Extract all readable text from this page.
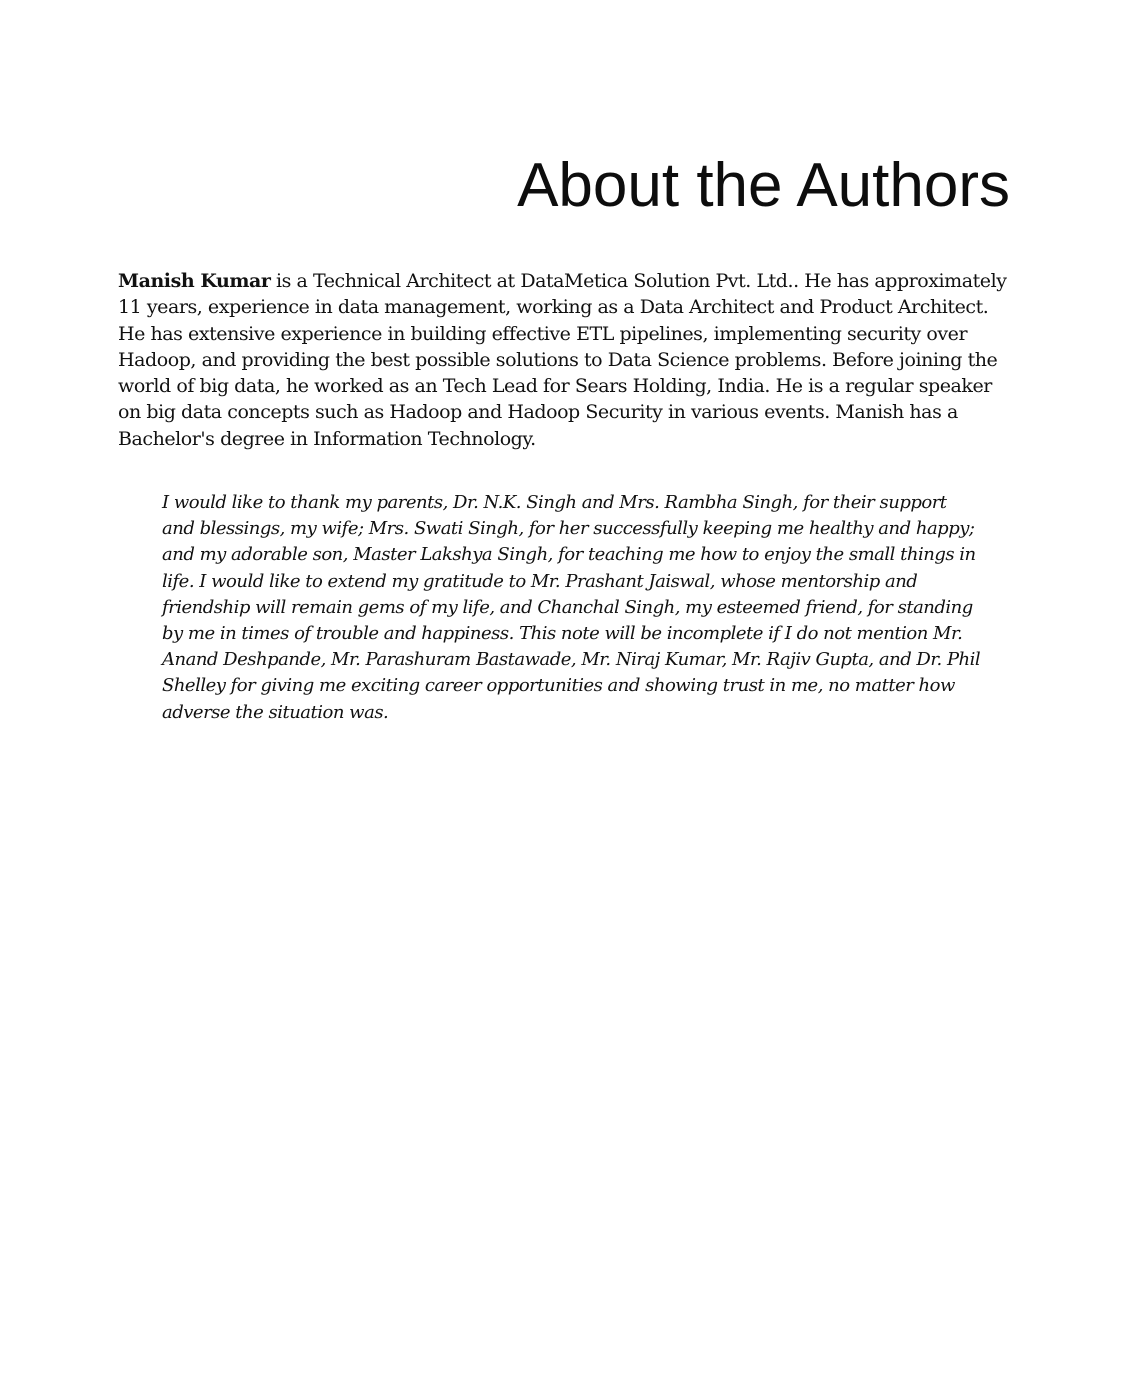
About the Authors

Manish Kumar is a Technical Architect at DataMetica Solution Pvt. Ltd.. He has approximately 11 years, experience in data management, working as a Data Architect and Product Architect. He has extensive experience in building effective ETL pipelines, implementing security over Hadoop, and providing the best possible solutions to Data Science problems. Before joining the world of big data, he worked as an Tech Lead for Sears Holding, India. He is a regular speaker on big data concepts such as Hadoop and Hadoop Security in various events. Manish has a Bachelor's degree in Information Technology.

I would like to thank my parents, Dr. N.K. Singh and Mrs. Rambha Singh, for their support and blessings, my wife; Mrs. Swati Singh, for her successfully keeping me healthy and happy; and my adorable son, Master Lakshya Singh, for teaching me how to enjoy the small things in life. I would like to extend my gratitude to Mr. Prashant Jaiswal, whose mentorship and friendship will remain gems of my life, and Chanchal Singh, my esteemed friend, for standing by me in times of trouble and happiness. This note will be incomplete if I do not mention Mr. Anand Deshpande, Mr. Parashuram Bastawade, Mr. Niraj Kumar, Mr. Rajiv Gupta, and Dr. Phil Shelley for giving me exciting career opportunities and showing trust in me, no matter how adverse the situation was.
